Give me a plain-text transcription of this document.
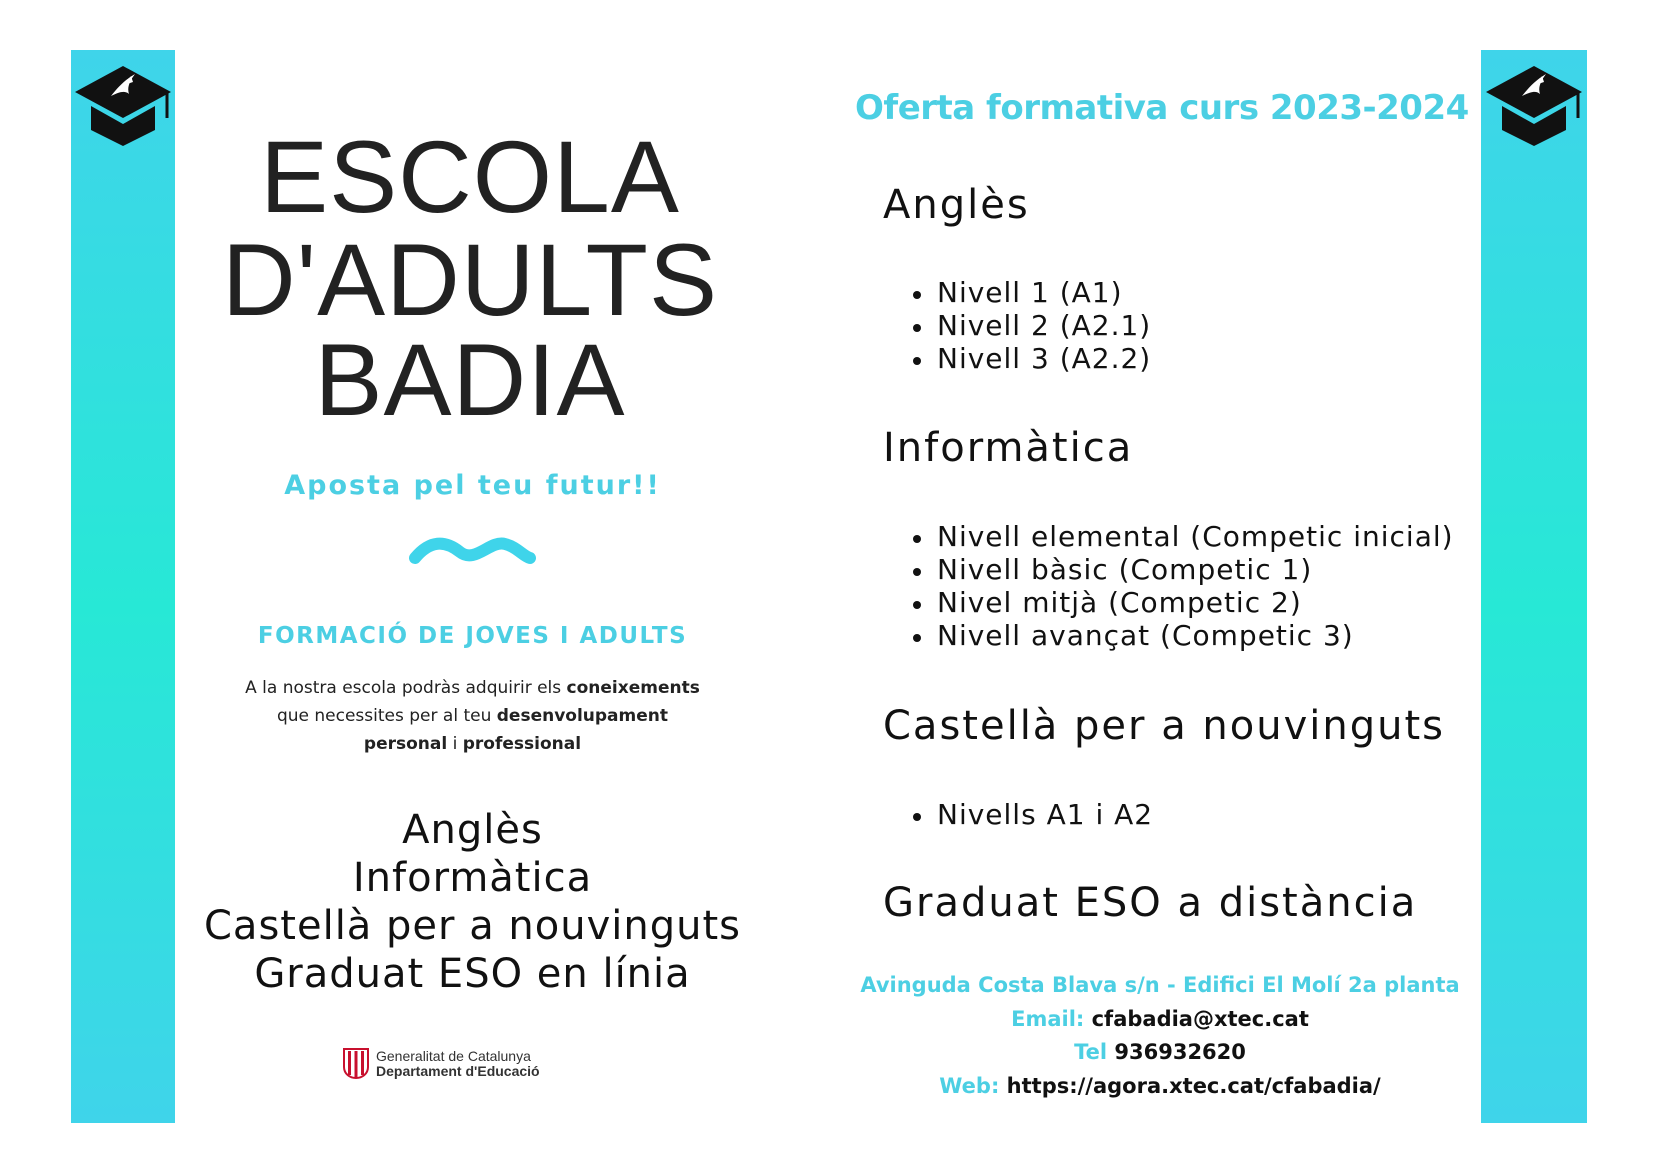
ESCOLA
D'ADULTS
BADIA
Aposta pel teu futur!!
FORMACIÓ DE JOVES I ADULTS
A la nostra escola podràs adquirir els coneixements
que necessites per al teu desenvolupament
personal i professional
Anglès
Informàtica
Castellà per a nouvinguts
Graduat ESO en línia
Generalitat de Catalunya
Departament d'Educació
Oferta formativa curs 2023-2024
Anglès
Nivell 1 (A1)
Nivell 2 (A2.1)
Nivell 3 (A2.2)
Informàtica
Nivell elemental (Competic inicial)
Nivell bàsic (Competic 1)
Nivel mitjà (Competic 2)
Nivell avançat (Competic 3)
Castellà per a nouvinguts
Nivells A1 i A2
Graduat ESO a distància
Avinguda Costa Blava s/n - Edifici El Molí 2a planta
Email: cfabadia@xtec.cat
Tel 936932620
Web: https://agora.xtec.cat/cfabadia/
